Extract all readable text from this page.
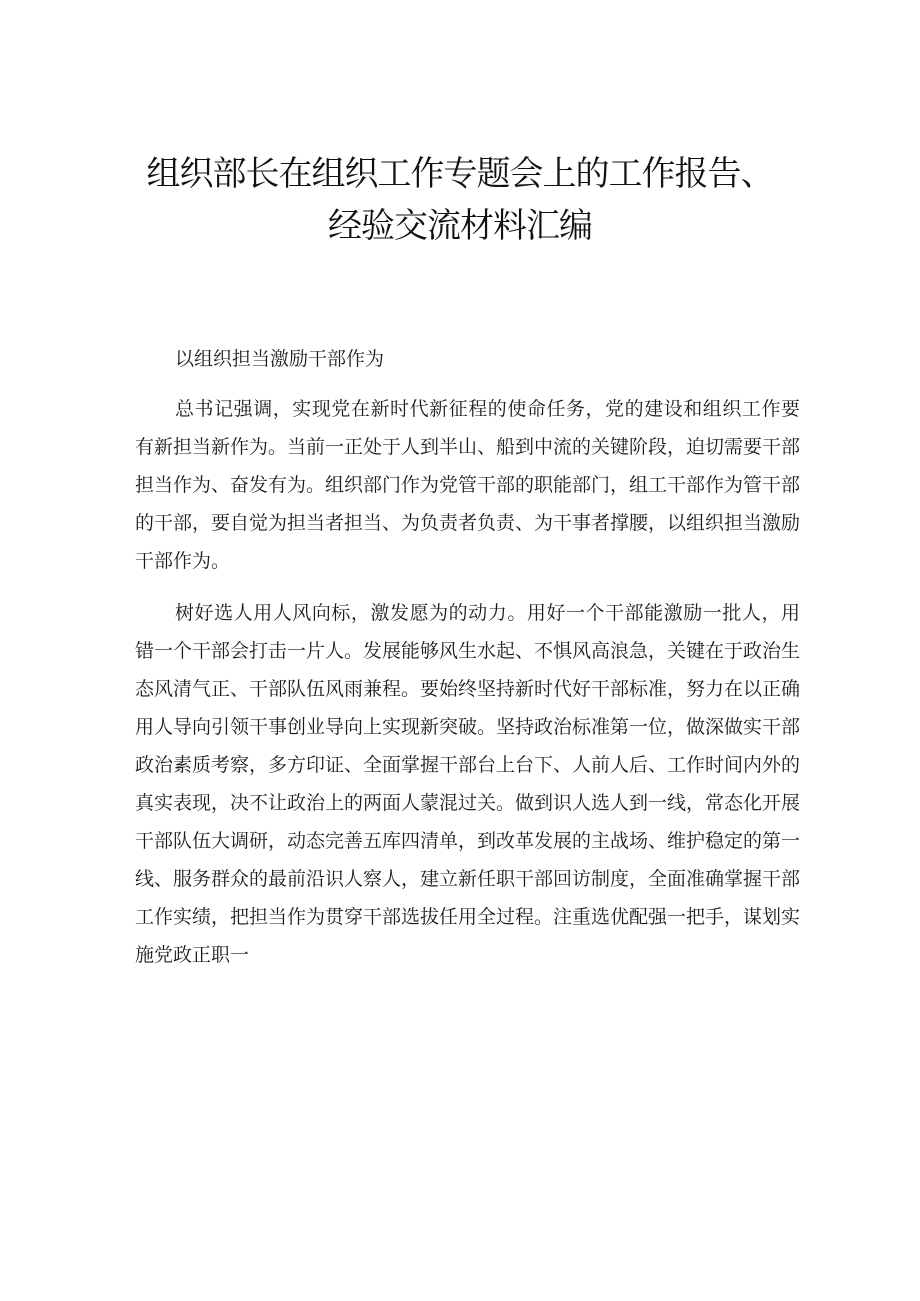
组织部长在组织工作专题会上的工作报告、
经验交流材料汇编

以组织担当激励干部作为

总书记强调，实现党在新时代新征程的使命任务，党的建设和组织工作要有新担当新作为。当前一正处于人到半山、船到中流的关键阶段，迫切需要干部担当作为、奋发有为。组织部门作为党管干部的职能部门，组工干部作为管干部的干部，要自觉为担当者担当、为负责者负责、为干事者撑腰，以组织担当激励干部作为。

树好选人用人风向标，激发愿为的动力。用好一个干部能激励一批人，用错一个干部会打击一片人。发展能够风生水起、不惧风高浪急，关键在于政治生态风清气正、干部队伍风雨兼程。要始终坚持新时代好干部标准，努力在以正确用人导向引领干事创业导向上实现新突破。坚持政治标准第一位，做深做实干部政治素质考察，多方印证、全面掌握干部台上台下、人前人后、工作时间内外的真实表现，决不让政治上的两面人蒙混过关。做到识人选人到一线，常态化开展干部队伍大调研，动态完善五库四清单，到改革发展的主战场、维护稳定的第一线、服务群众的最前沿识人察人，建立新任职干部回访制度，全面准确掌握干部工作实绩，把担当作为贯穿干部选拔任用全过程。注重选优配强一把手，谋划实施党政正职一
